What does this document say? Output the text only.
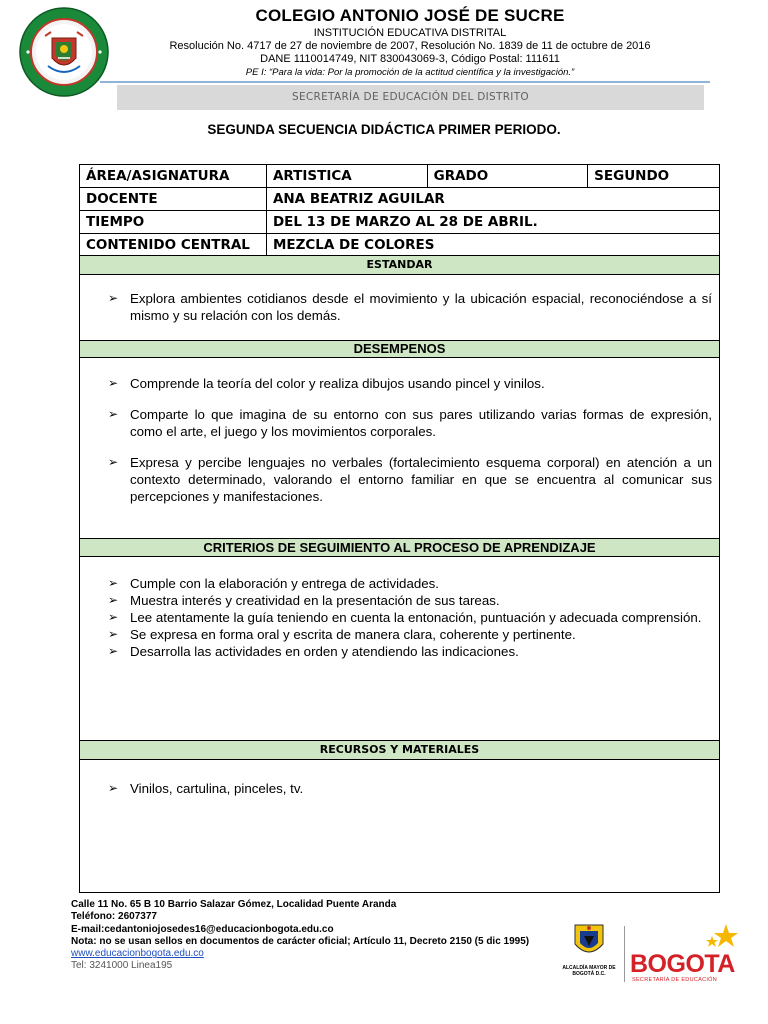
COLEGIO ANTONIO JOSÉ DE SUCRE
INSTITUCIÓN EDUCATIVA DISTRITAL
Resolución No. 4717 de 27 de noviembre de 2007, Resolución No. 1839 de 11 de octubre de 2016
DANE 1110014749, NIT 830043069-3, Código Postal: 111611
PE I: “Para la vida: Por la promoción de la actitud científica y la investigación.”
SECRETARÍA DE EDUCACIÓN DEL DISTRITO
SEGUNDA SECUENCIA DIDÁCTICA PRIMER PERIODO.
ÁREA/ASIGNATURA	ARTISTICA	GRADO	SEGUNDO
DOCENTE	ANA BEATRIZ AGUILAR		
TIEMPO	DEL 13 DE MARZO AL 28 DE ABRIL.		
CONTENIDO CENTRAL	MEZCLA DE COLORES		
ESTANDAR
➢ Explora ambientes cotidianos desde el movimiento y la ubicación espacial, reconociéndose a sí mismo y su relación con los demás.
DESEMPENOS
➢ Comprende la teoría del color y realiza dibujos usando pincel y vinilos.
➢ Comparte lo que imagina de su entorno con sus pares utilizando varias formas de expresión, como el arte, el juego y los movimientos corporales.
➢ Expresa y percibe lenguajes no verbales (fortalecimiento esquema corporal) en atención a un contexto determinado, valorando el entorno familiar en que se encuentra al comunicar sus percepciones y manifestaciones.
CRITERIOS DE SEGUIMIENTO AL PROCESO DE APRENDIZAJE
➢ Cumple con la elaboración y entrega de actividades.
➢ Muestra interés y creatividad en la presentación de sus tareas.
➢ Lee atentamente la guía teniendo en cuenta la entonación, puntuación y adecuada comprensión.
➢ Se expresa en forma oral y escrita de manera clara, coherente y pertinente.
➢ Desarrolla las actividades en orden y atendiendo las indicaciones.
RECURSOS Y MATERIALES
➢ Vinilos, cartulina, pinceles, tv.
Calle 11 No. 65 B 10 Barrio Salazar Gómez, Localidad Puente Aranda
Teléfono: 2607377
E-mail:cedantoniojosedes16@educacionbogota.edu.co
Nota: no se usan sellos en documentos de carácter oficial; Artículo 11, Decreto 2150 (5 dic 1995)
www.educacionbogota.edu.co
Tel: 3241000 Linea195	ALCALDÍA MAYOR DE BOGOTÁ D.C. BOGOTA
SECRETARÍA DE EDUCACIÓN
